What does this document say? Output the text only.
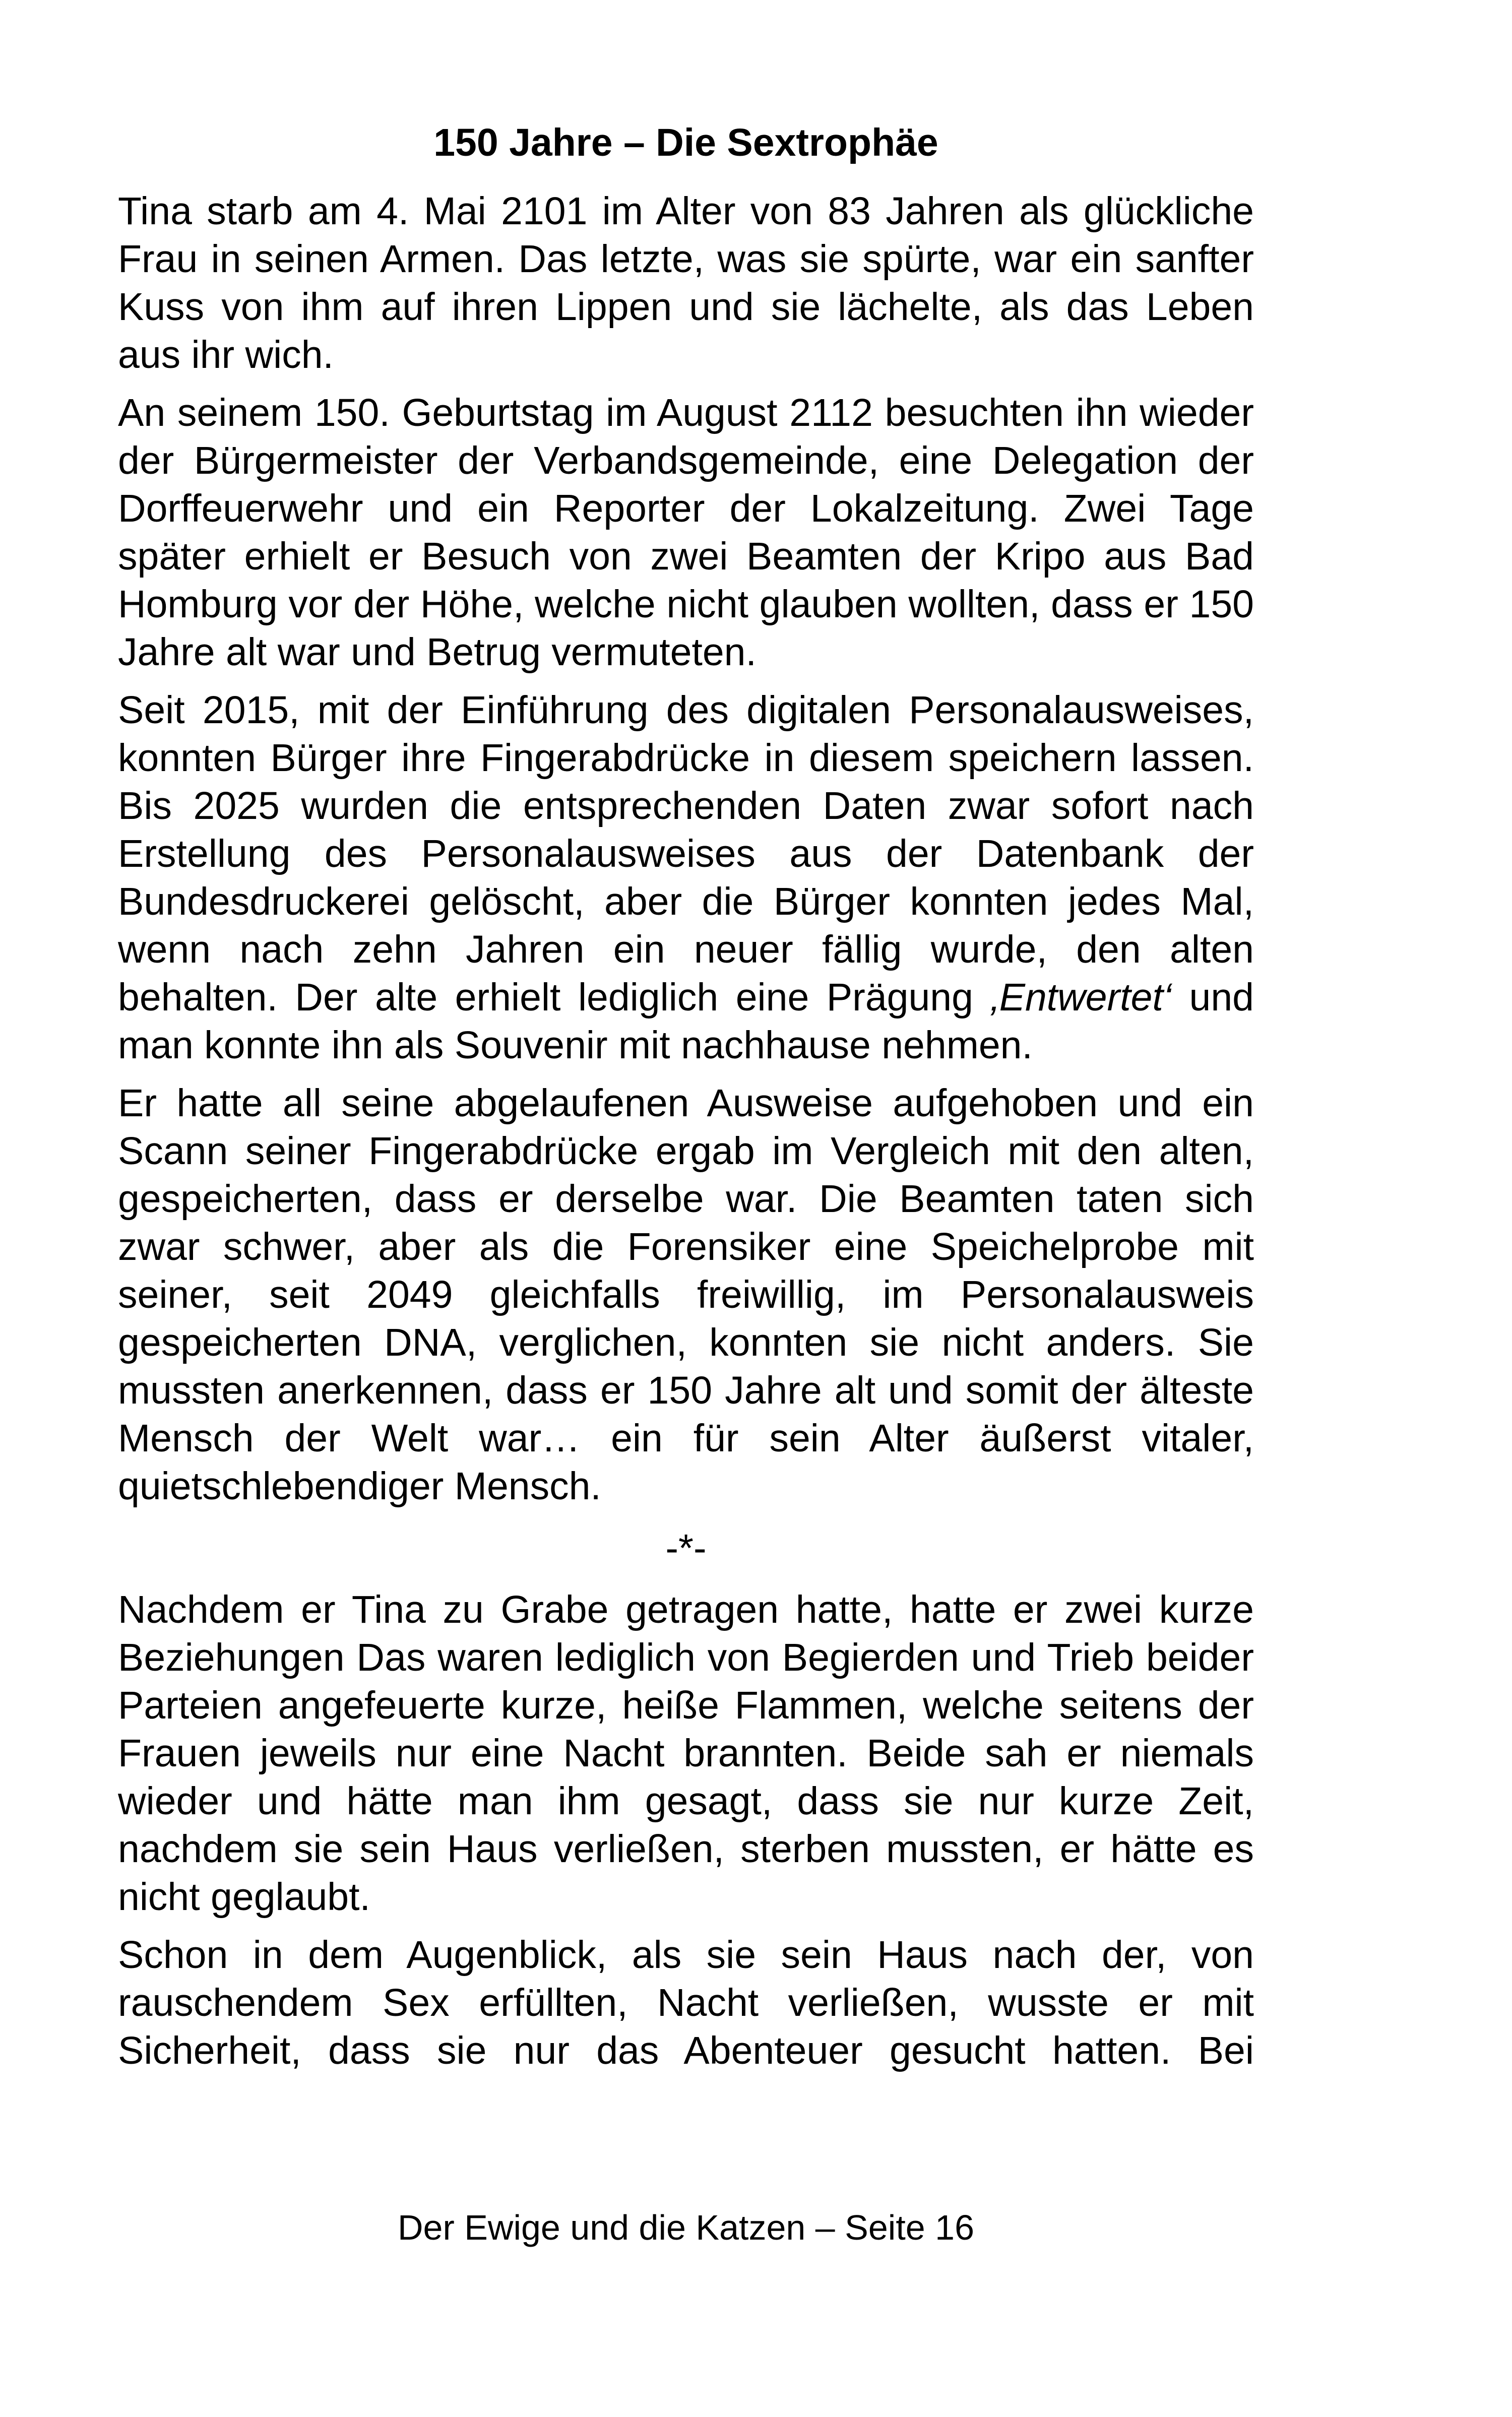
150 Jahre – Die Sextrophäe

Tina starb am 4. Mai 2101 im Alter von 83 Jahren als glückliche Frau in seinen Armen. Das letzte, was sie spürte, war ein sanfter Kuss von ihm auf ihren Lippen und sie lächelte, als das Leben aus ihr wich.

An seinem 150. Geburtstag im August 2112 besuchten ihn wieder der Bürgermeister der Verbandsgemeinde, eine Delegation der Dorffeuerwehr und ein Reporter der Lokalzeitung. Zwei Tage später erhielt er Besuch von zwei Beamten der Kripo aus Bad Homburg vor der Höhe, welche nicht glauben wollten, dass er 150 Jahre alt war und Betrug vermuteten.

Seit 2015, mit der Einführung des digitalen Personalausweises, konnten Bürger ihre Fingerabdrücke in diesem speichern lassen. Bis 2025 wurden die entsprechenden Daten zwar sofort nach Erstellung des Personalausweises aus der Datenbank der Bundesdruckerei gelöscht, aber die Bürger konnten jedes Mal, wenn nach zehn Jahren ein neuer fällig wurde, den alten behalten. Der alte erhielt lediglich eine Prägung ‚Entwertet‘ und man konnte ihn als Souvenir mit nachhause nehmen.

Er hatte all seine abgelaufenen Ausweise aufgehoben und ein Scann seiner Fingerabdrücke ergab im Vergleich mit den alten, gespeicherten, dass er derselbe war. Die Beamten taten sich zwar schwer, aber als die Forensiker eine Speichelprobe mit seiner, seit 2049 gleichfalls freiwillig, im Personalausweis gespeicherten DNA, verglichen, konnten sie nicht anders. Sie mussten anerkennen, dass er 150 Jahre alt und somit der älteste Mensch der Welt war… ein für sein Alter äußerst vitaler, quietschlebendiger Mensch.

-*-

Nachdem er Tina zu Grabe getragen hatte, hatte er zwei kurze Beziehungen Das waren lediglich von Begierden und Trieb beider Parteien angefeuerte kurze, heiße Flammen, welche seitens der Frauen jeweils nur eine Nacht brannten. Beide sah er niemals wieder und hätte man ihm gesagt, dass sie nur kurze Zeit, nachdem sie sein Haus verließen, sterben mussten, er hätte es nicht geglaubt.

Schon in dem Augenblick, als sie sein Haus nach der, von rauschendem Sex erfüllten, Nacht verließen, wusste er mit Sicherheit, dass sie nur das Abenteuer gesucht hatten. Bei

Der Ewige und die Katzen – Seite 16
